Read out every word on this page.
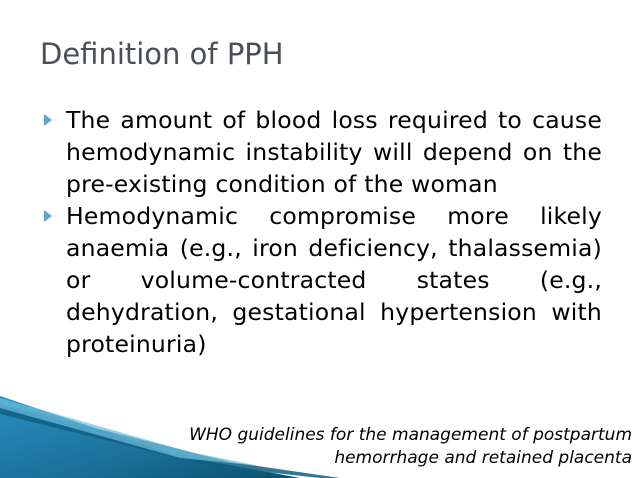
Definition of PPH
The amount of blood loss required to cause hemodynamic instability will depend on the pre-existing condition of the woman
Hemodynamic compromise more likely anaemia (e.g., iron deficiency, thalassemia) or volume-contracted states (e.g., dehydration, gestational hypertension with proteinuria)

WHO guidelines for the management of postpartum
hemorrhage and retained placenta
